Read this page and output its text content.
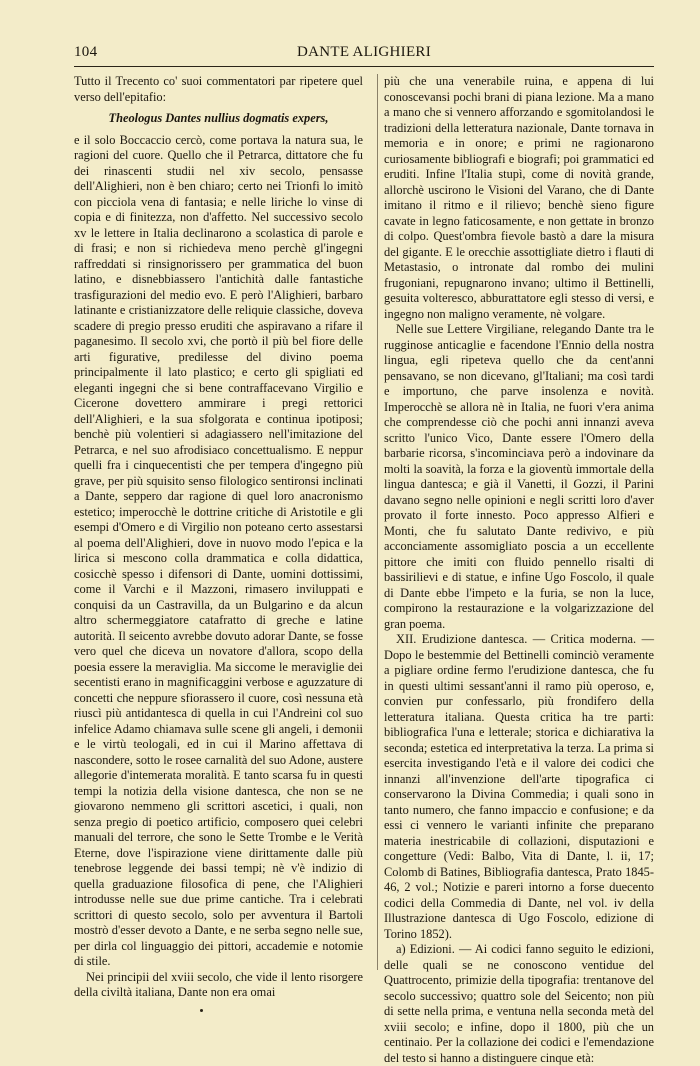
104	DANTE ALIGHIERI

Tutto il Trecento co' suoi commentatori par ripetere quel verso dell'epitafio:

Theologus Dantes nullius dogmatis expers,

e il solo Boccaccio cercò, come portava la natura sua, le ragioni del cuore. Quello che il Petrarca, dittatore che fu dei rinascenti studii nel xiv secolo, pensasse dell'Alighieri, non è ben chiaro; certo nei Trionfi lo imitò con picciola vena di fantasia; e nelle liriche lo vinse di copia e di finitezza, non d'affetto. Nel successivo secolo xv le lettere in Italia declinarono a scolastica di parole e di frasi; e non si richiedeva meno perchè gl'ingegni raffreddati si rinsignorissero per grammatica del buon latino, e disnebbiassero l'antichità dalle fantastiche trasfigurazioni del medio evo. E però l'Alighieri, barbaro latinante e cristianizzatore delle reliquie classiche, doveva scadere di pregio presso eruditi che aspiravano a rifare il paganesimo. Il secolo xvi, che portò il più bel fiore delle arti figurative, predilesse del divino poema principalmente il lato plastico; e certo gli spigliati ed eleganti ingegni che si bene contraffacevano Virgilio e Cicerone dovettero ammirare i pregi rettorici dell'Alighieri, e la sua sfolgorata e continua ipotiposi; benchè più volentieri si adagiassero nell'imitazione del Petrarca, e nel suo afrodisiaco concettualismo. E neppur quelli fra i cinquecentisti che per tempera d'ingegno più grave, per più squisito senso filologico sentironsi inclinati a Dante, seppero dar ragione di quel loro anacronismo estetico; imperocchè le dottrine critiche di Aristotile e gli esempi d'Omero e di Virgilio non poteano certo assestarsi al poema dell'Alighieri, dove in nuovo modo l'epica e la lirica si mescono colla drammatica e colla didattica, cosicchè spesso i difensori di Dante, uomini dottissimi, come il Varchi e il Mazzoni, rimasero inviluppati e conquisi da un Castravilla, da un Bulgarino e da alcun altro schermeggiatore catafratto di greche e latine autorità. Il seicento avrebbe dovuto adorar Dante, se fosse vero quel che diceva un novatore d'allora, scopo della poesia essere la meraviglia. Ma siccome le meraviglie dei secentisti erano in magnificaggini verbose e aguzzature di concetti che neppure sfiorassero il cuore, così nessuna età riuscì più antidantesca di quella in cui l'Andreini col suo infelice Adamo chiamava sulle scene gli angeli, i demonii e le virtù teologali, ed in cui il Marino affettava di nascondere, sotto le rosee carnalità del suo Adone, austere allegorie d'intemerata moralità. E tanto scarsa fu in questi tempi la notizia della visione dantesca, che non se ne giovarono nemmeno gli scrittori ascetici, i quali, non senza pregio di poetico artificio, composero quei celebri manuali del terrore, che sono le Sette Trombe e le Verità Eterne, dove l'ispirazione viene dirittamente dalle più tenebrose leggende dei bassi tempi; nè v'è indizio di quella graduazione filosofica di pene, che l'Alighieri introdusse nelle sue due prime cantiche. Tra i celebrati scrittori di questo secolo, solo per avventura il Bartoli mostrò d'esser devoto a Dante, e ne serba segno nelle sue, per dirla col linguaggio dei pittori, accademie e notomie di stile.

Nei principii del xviii secolo, che vide il lento risorgere della civiltà italiana, Dante non era omai

più che una venerabile ruina, e appena di lui conoscevansi pochi brani di piana lezione. Ma a mano a mano che si vennero afforzando e sgomitolandosi le tradizioni della letteratura nazionale, Dante tornava in memoria e in onore; e primi ne ragionarono curiosamente bibliografi e biografi; poi grammatici ed eruditi. Infine l'Italia stupì, come di novità grande, allorchè uscirono le Visioni del Varano, che di Dante imitano il ritmo e il rilievo; benchè sieno figure cavate in legno faticosamente, e non gettate in bronzo di colpo. Quest'ombra fievole bastò a dare la misura del gigante. E le orecchie assottigliate dietro i flauti di Metastasio, o intronate dal rombo dei mulini frugoniani, repugnarono invano; ultimo il Bettinelli, gesuita volteresco, abburattatore egli stesso di versi, e ingegno non maligno veramente, nè volgare.

Nelle sue Lettere Virgiliane, relegando Dante tra le rugginose anticaglie e facendone l'Ennio della nostra lingua, egli ripeteva quello che da cent'anni pensavano, se non dicevano, gl'Italiani; ma così tardi e importuno, che parve insolenza e novità. Imperocchè se allora nè in Italia, ne fuori v'era anima che comprendesse ciò che pochi anni innanzi aveva scritto l'unico Vico, Dante essere l'Omero della barbarie ricorsa, s'incominciava però a indovinare da molti la soavità, la forza e la gioventù immortale della lingua dantesca; e già il Vanetti, il Gozzi, il Parini davano segno nelle opinioni e negli scritti loro d'aver provato il forte innesto. Poco appresso Alfieri e Monti, che fu salutato Dante redivivo, e più acconciamente assomigliato poscia a un eccellente pittore che imiti con fluido pennello risalti di bassirilievi e di statue, e infine Ugo Foscolo, il quale di Dante ebbe l'impeto e la furia, se non la luce, compirono la restaurazione e la volgarizzazione del gran poema.

XII. Erudizione dantesca. — Critica moderna. — Dopo le bestemmie del Bettinelli cominciò veramente a pigliare ordine fermo l'erudizione dantesca, che fu in questi ultimi sessant'anni il ramo più operoso, e, convien pur confessarlo, più frondifero della letteratura italiana. Questa critica ha tre parti: bibliografica l'una e letterale; storica e dichiarativa la seconda; estetica ed interpretativa la terza. La prima si esercita investigando l'età e il valore dei codici che innanzi all'invenzione dell'arte tipografica ci conservarono la Divina Commedia; i quali sono in tanto numero, che fanno impaccio e confusione; e da essi ci vennero le varianti infinite che preparano materia inestricabile di collazioni, disputazioni e congetture (Vedi: Balbo, Vita di Dante, l. ii, 17; Colomb di Batines, Bibliografia dantesca, Prato 1845-46, 2 vol.; Notizie e pareri intorno a forse duecento codici della Commedia di Dante, nel vol. iv della Illustrazione dantesca di Ugo Foscolo, edizione di Torino 1852).

a) Edizioni. — Ai codici fanno seguito le edizioni, delle quali se ne conoscono ventidue del Quattrocento, primizie della tipografia: trentanove del secolo successivo; quattro sole del Seicento; non più di sette nella prima, e ventuna nella seconda metà del xviii secolo; e infine, dopo il 1800, più che un centinaio. Per la collazione dei codici e l'emendazione del testo si hanno a distinguere cinque età:
